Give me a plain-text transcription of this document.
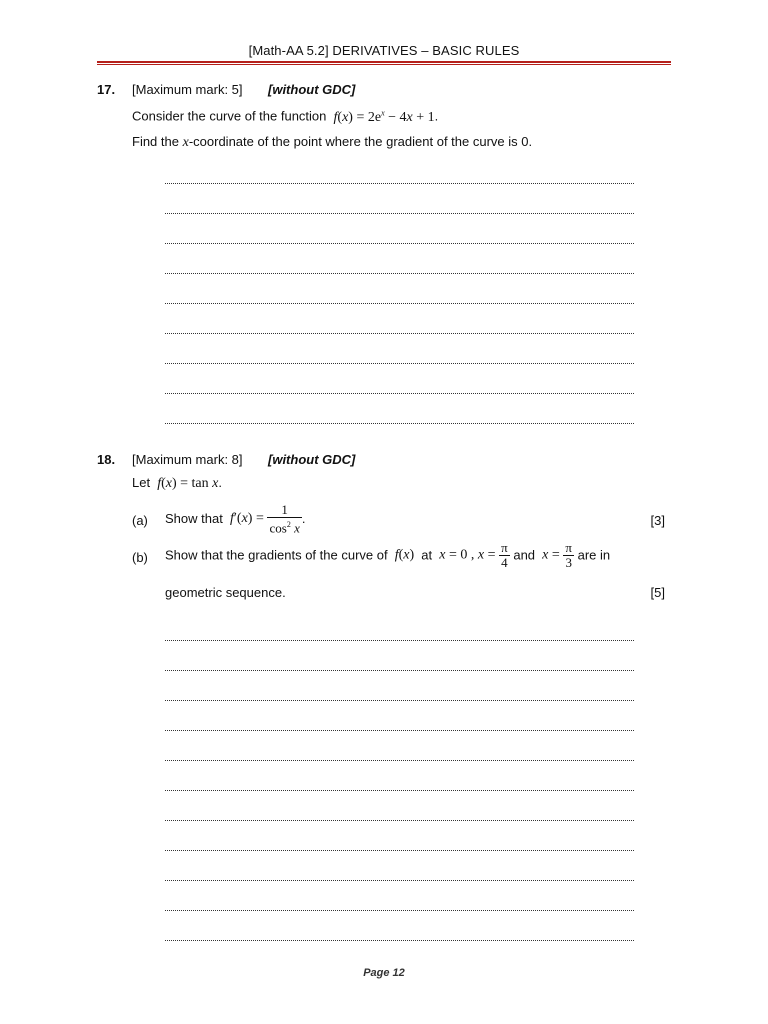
[Math-AA 5.2] DERIVATIVES – BASIC RULES
17. [Maximum mark: 5] [without GDC]
Consider the curve of the function  $f(x) = 2e^x - 4x + 1$.
Find the x-coordinate of the point where the gradient of the curve is 0.
18. [Maximum mark: 8] [without GDC]
Let  f(x) = tan x.
(a) Show that  $f'(x) = \frac{1}{\cos^2 x}$ .	[3]
(b) Show that the gradients of the curve of  f(x) at  x = 0 , $x = \frac{\pi}{4}$ and  $x = \frac{\pi}{3}$ are in
geometric sequence.	[5]
Page 12
